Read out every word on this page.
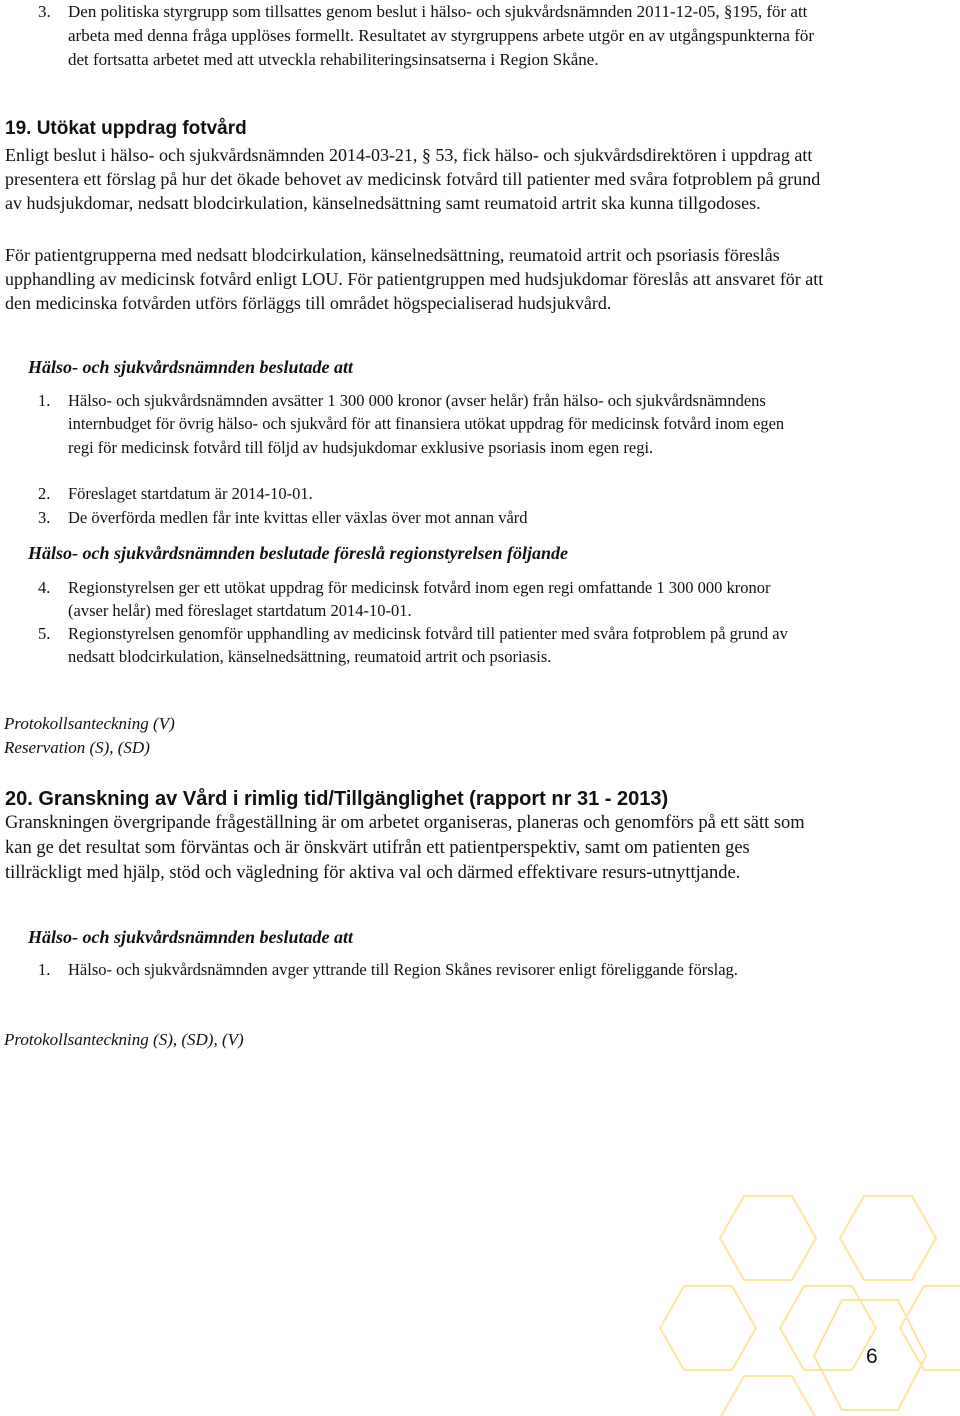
3. Den politiska styrgrupp som tillsattes genom beslut i hälso- och sjukvårdsnämnden 2011-12-05, §195, för att arbeta med denna fråga upplöses formellt. Resultatet av styrgruppens arbete utgör en av utgångspunkterna för det fortsatta arbetet med att utveckla rehabiliteringsinsatserna i Region Skåne.
19. Utökat uppdrag fotvård
Enligt beslut i hälso- och sjukvårdsnämnden 2014-03-21, § 53, fick hälso- och sjukvårdsdirektören i uppdrag att presentera ett förslag på hur det ökade behovet av medicinsk fotvård till patienter med svåra fotproblem på grund av hudsjukdomar, nedsatt blodcirkulation, känselnedsättning samt reumatoid artrit ska kunna tillgodoses.
För patientgrupperna med nedsatt blodcirkulation, känselnedsättning, reumatoid artrit och psoriasis föreslås upphandling av medicinsk fotvård enligt LOU. För patientgruppen med hudsjukdomar föreslås att ansvaret för att den medicinska fotvården utförs förläggs till området högspecialiserad hudsjukvård.
Hälso- och sjukvårdsnämnden beslutade att
1. Hälso- och sjukvårdsnämnden avsätter 1 300 000 kronor (avser helår) från hälso- och sjukvårdsnämndens internbudget för övrig hälso- och sjukvård för att finansiera utökat uppdrag för medicinsk fotvård inom egen regi för medicinsk fotvård till följd av hudsjukdomar exklusive psoriasis inom egen regi.
2. Föreslaget startdatum är 2014-10-01.
3. De överförda medlen får inte kvittas eller växlas över mot annan vård
Hälso- och sjukvårdsnämnden beslutade föreslå regionstyrelsen följande
4. Regionstyrelsen ger ett utökat uppdrag för medicinsk fotvård inom egen regi omfattande 1 300 000 kronor (avser helår) med föreslaget startdatum 2014-10-01.
5. Regionstyrelsen genomför upphandling av medicinsk fotvård till patienter med svåra fotproblem på grund av nedsatt blodcirkulation, känselnedsättning, reumatoid artrit och psoriasis.
Protokollsanteckning (V)
Reservation (S), (SD)
20. Granskning av Vård i rimlig tid/Tillgänglighet (rapport nr 31 - 2013)
Granskningen övergripande frågeställning är om arbetet organiseras, planeras och genomförs på ett sätt som kan ge det resultat som förväntas och är önskvärt utifrån ett patientperspektiv, samt om patienten ges tillräckligt med hjälp, stöd och vägledning för aktiva val och därmed effektivare resurs-utnyttjande.
Hälso- och sjukvårdsnämnden beslutade att
1. Hälso- och sjukvårdsnämnden avger yttrande till Region Skånes revisorer enligt föreliggande förslag.
Protokollsanteckning (S), (SD), (V)
6
